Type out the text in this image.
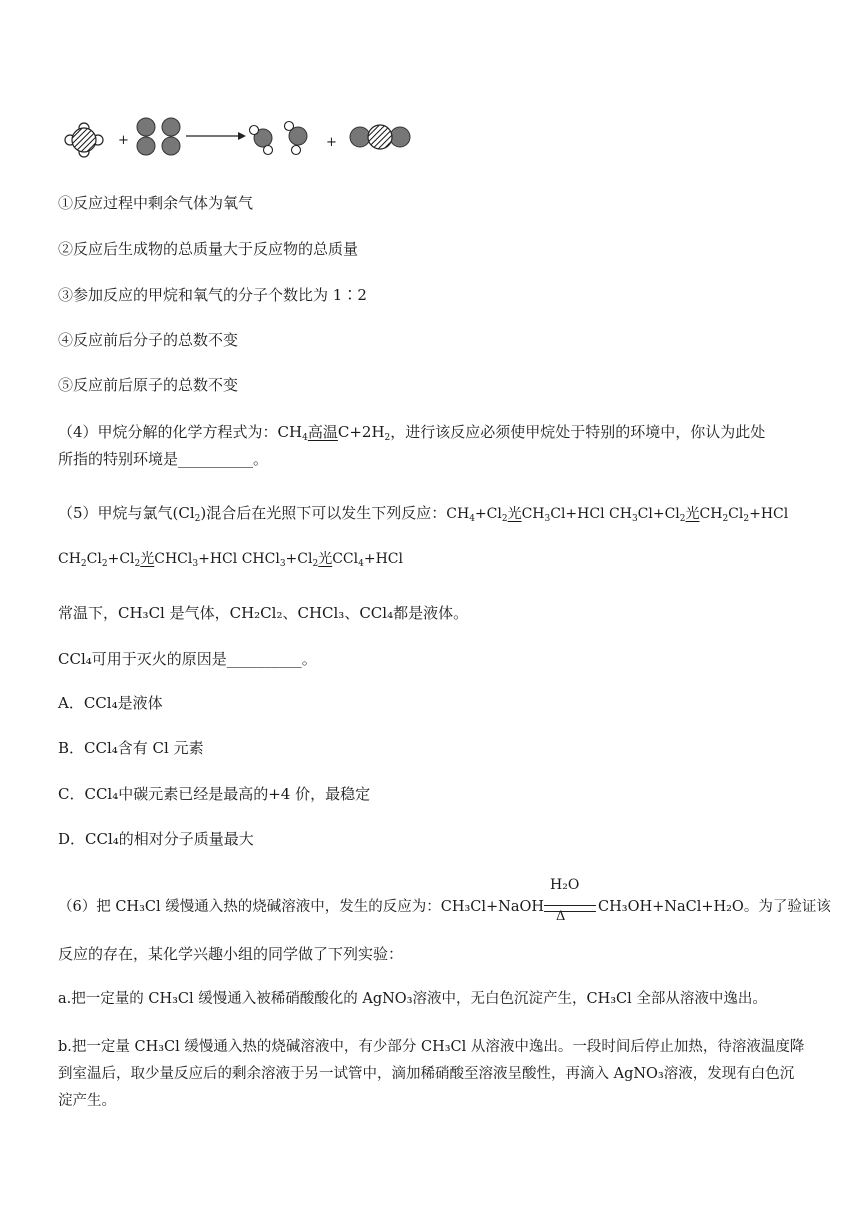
+	+
①反应过程中剩余气体为氧气
②反应后生成物的总质量大于反应物的总质量
③参加反应的甲烷和氧气的分子个数比为 1∶2
④反应前后分子的总数不变
⑤反应前后原子的总数不变
（4）甲烷分解的化学方程式为：$CH_4$高温$C+2H_2$，进行该反应必须使甲烷处于特别的环境中，你认为此处
所指的特别环境是__________。
（5）甲烷与氯气$(Cl_2)$混合后在光照下可以发生下列反应：$CH_4+Cl_2$光$CH_3Cl+HCl$ $CH_3Cl+Cl_2$光$CH_2Cl_2+HCl$
$CH_2Cl_2+Cl_2$光CHCl$_3$+HCl $CHCl_3+Cl_2$光CCl$_4$+HCl
常温下，CH₃Cl 是气体，CH₂Cl₂、CHCl₃、CCl₄都是液体。
CCl₄可用于灭火的原因是__________。
A．CCl₄是液体
B．CCl₄含有 Cl 元素
C．CCl₄中碳元素已经是最高的+4 价，最稳定
D．CCl₄的相对分子质量最大
（6）把 CH₃Cl 缓慢通入热的烧碱溶液中，发生的反应为：CH₃Cl+NaOH
H₂O
Δ
CH₃OH+NaCl+H₂O。为了验证该
反应的存在，某化学兴趣小组的同学做了下列实验：
a.把一定量的 CH₃Cl 缓慢通入被稀硝酸酸化的 AgNO₃溶液中，无白色沉淀产生，CH₃Cl 全部从溶液中逸出。
b.把一定量 CH₃Cl 缓慢通入热的烧碱溶液中，有少部分 CH₃Cl 从溶液中逸出。一段时间后停止加热，待溶液温度降到室温后，取少量反应后的剩余溶液于另一试管中，滴加稀硝酸至溶液呈酸性，再滴入 AgNO₃溶液，发现有白色沉淀产生。
